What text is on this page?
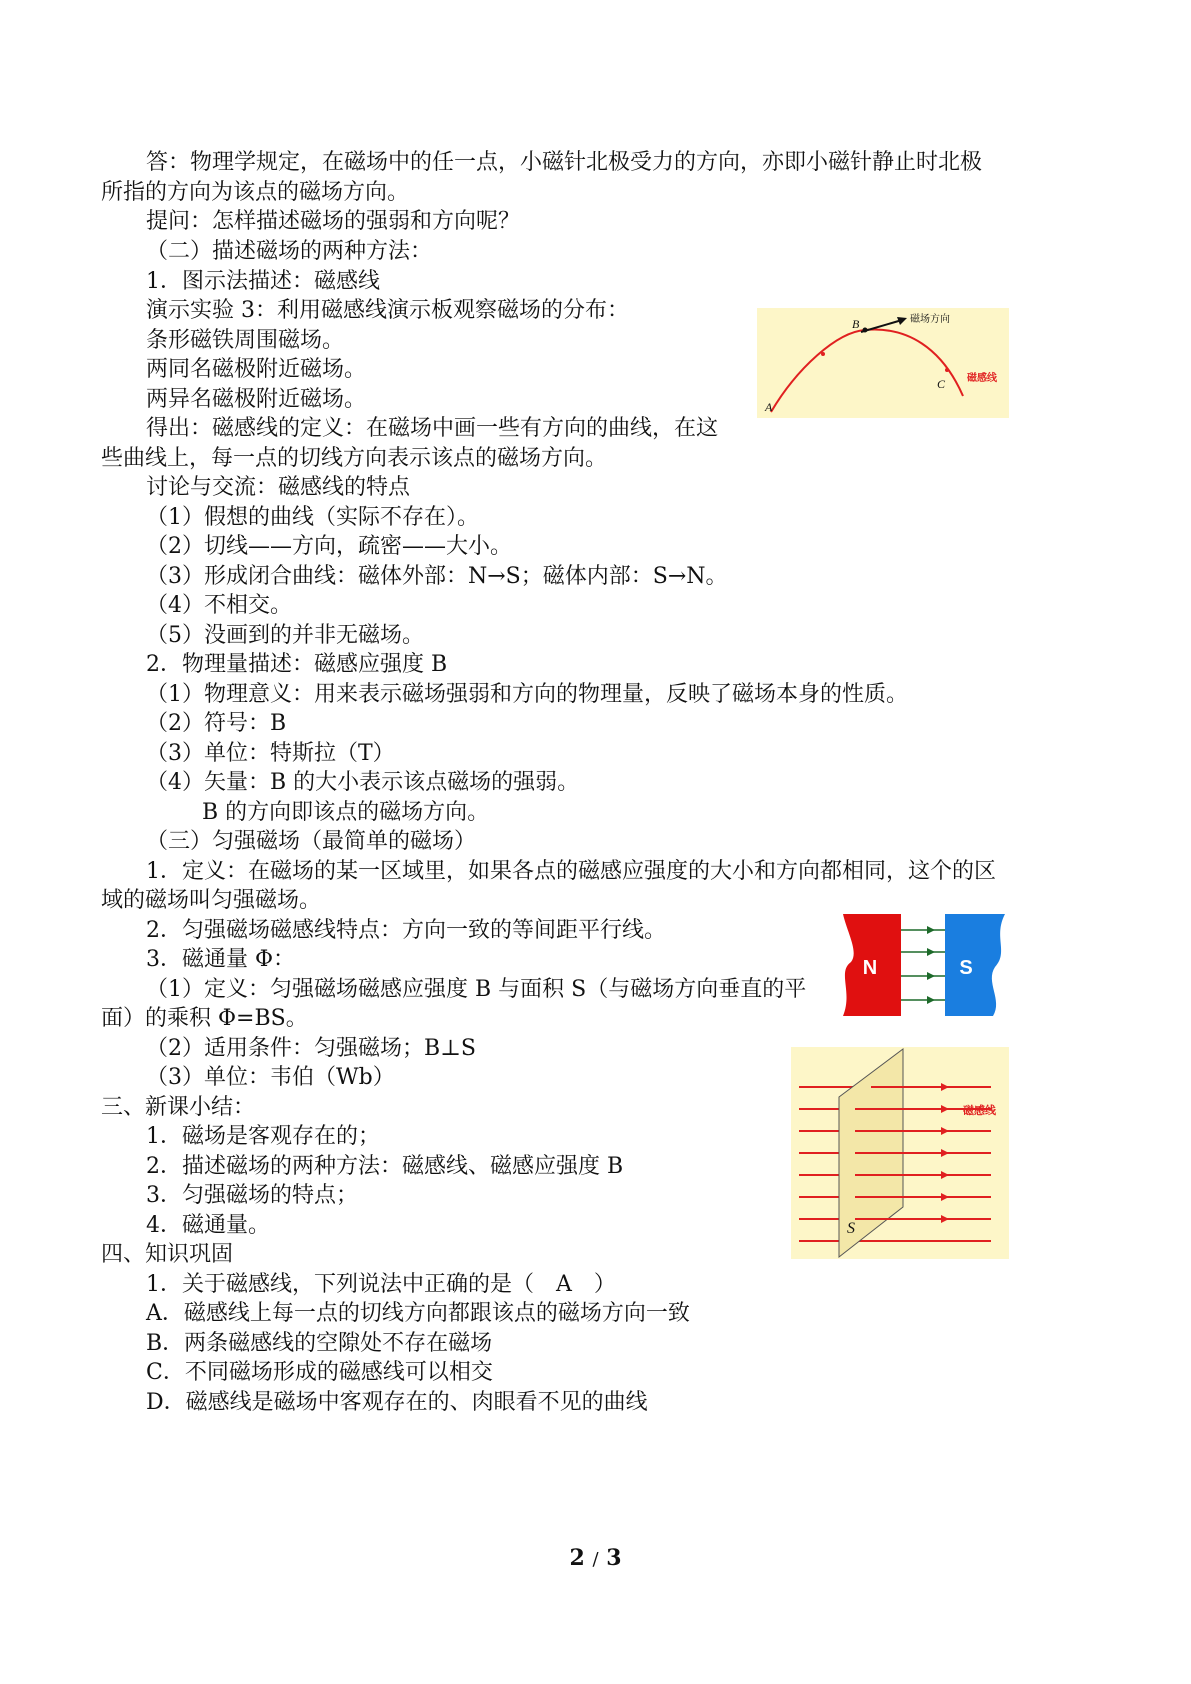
答：物理学规定，在磁场中的任一点，小磁针北极受力的方向，亦即小磁针静止时北极
所指的方向为该点的磁场方向。
提问：怎样描述磁场的强弱和方向呢？
（二）描述磁场的两种方法：
1．图示法描述：磁感线
演示实验 3：利用磁感线演示板观察磁场的分布：
条形磁铁周围磁场。
两同名磁极附近磁场。
两异名磁极附近磁场。
得出：磁感线的定义：在磁场中画一些有方向的曲线，在这
些曲线上，每一点的切线方向表示该点的磁场方向。
讨论与交流：磁感线的特点
（1）假想的曲线（实际不存在）。
（2）切线——方向，疏密——大小。
（3）形成闭合曲线：磁体外部：N→S；磁体内部：S→N。
（4）不相交。
（5）没画到的并非无磁场。
2．物理量描述：磁感应强度 B
（1）物理意义：用来表示磁场强弱和方向的物理量，反映了磁场本身的性质。
（2）符号：B
（3）单位：特斯拉（T）
（4）矢量：B 的大小表示该点磁场的强弱。
B 的方向即该点的磁场方向。
（三）匀强磁场（最简单的磁场）
1．定义：在磁场的某一区域里，如果各点的磁感应强度的大小和方向都相同，这个的区
域的磁场叫匀强磁场。
2．匀强磁场磁感线特点：方向一致的等间距平行线。
3．磁通量 Φ：
（1）定义：匀强磁场磁感应强度 B 与面积 S（与磁场方向垂直的平
面）的乘积 Φ=BS。
（2）适用条件：匀强磁场；B⊥S
（3）单位：韦伯（Wb）
三、新课小结：
1．磁场是客观存在的；
2．描述磁场的两种方法：磁感线、磁感应强度 B
3．匀强磁场的特点；
4．磁通量。
四、知识巩固
1．关于磁感线，下列说法中正确的是（　A　）
A．磁感线上每一点的切线方向都跟该点的磁场方向一致
B．两条磁感线的空隙处不存在磁场
C．不同磁场形成的磁感线可以相交
D．磁感线是磁场中客观存在的、肉眼看不见的曲线
A
B
C
磁场方向
磁感线
N	S
S
磁感线
2 / 3
